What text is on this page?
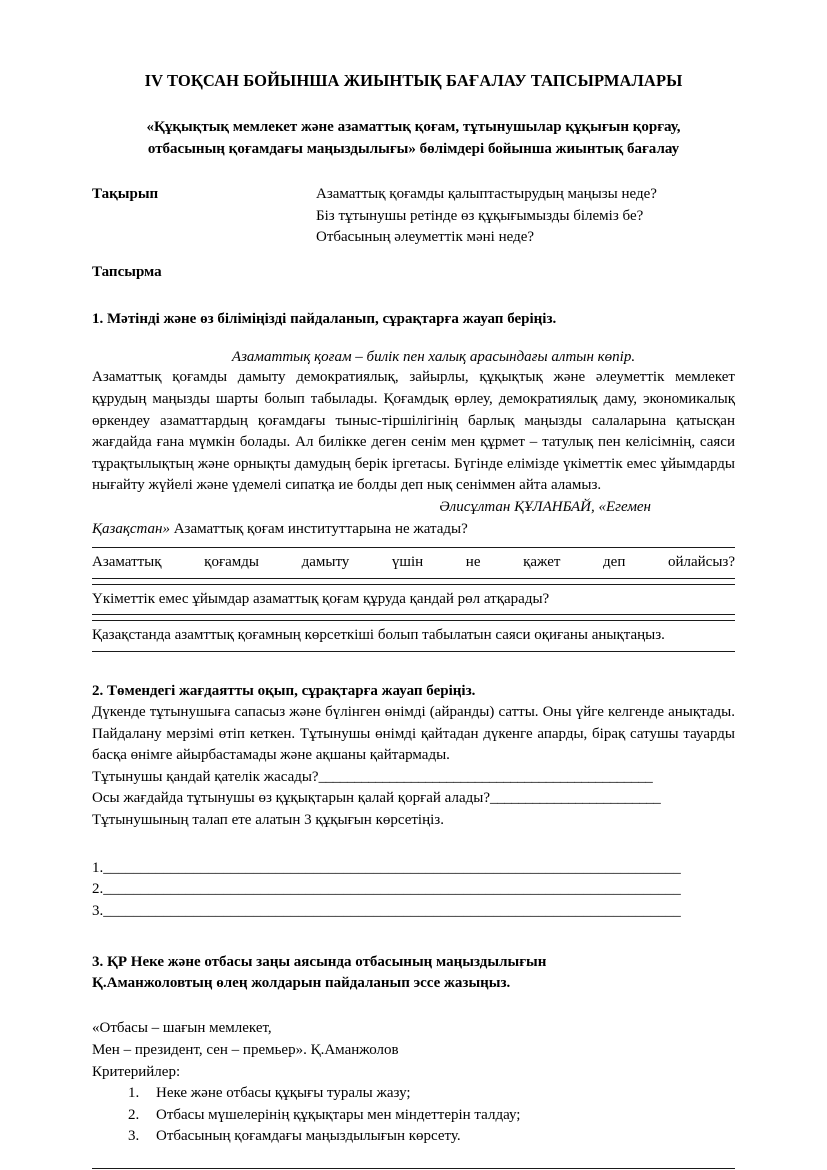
IV ТОҚСАН БОЙЫНША ЖИЫНТЫҚ БАҒАЛАУ ТАПСЫРМАЛАРЫ
«Құқықтық мемлекет және азаматтық қоғам, тұтынушылар құқығын қорғау, отбасының қоғамдағы маңыздылығы» бөлімдері бойынша жиынтық бағалау
Тақырып	Азаматтық қоғамды қалыптастырудың маңызы неде?
Біз тұтынушы ретінде өз құқығымызды білеміз бе?
Отбасының әлеуметтік мәні неде?
Тапсырма

1. Мәтінді және өз біліміңізді пайдаланып, сұрақтарға жауап беріңіз.

Азаматтық қоғам – билік пен халық арасындағы алтын көпір.

Азаматтық қоғамды дамыту демократиялық, зайырлы, құқықтық және әлеуметтік мемлекет құрудың маңызды шарты болып табылады. Қоғамдық өрлеу, демократиялық даму, экономикалық өркендеу азаматтардың қоғамдағы тыныс-тіршілігінің барлық маңызды салаларына қатысқан жағдайда ғана мүмкін болады. Ал билікке деген сенім мен құрмет – татулық пен келісімнің, саяси тұрақтылықтың және орнықты дамудың берік іргетасы. Бүгінде елімізде үкіметтік емес ұйымдарды нығайту жүйелі және үдемелі сипатқа ие болды деп нық сеніммен айта аламыз.

Әлисұлтан ҚҰЛАНБАЙ, «Егемен

Қазақстан» Азаматтық қоғам институттарына не жатады?

Азаматтық қоғамды дамыту үшін не қажет деп ойлайсыз?

Үкіметтік емес ұйымдар азаматтық қоғам құруда қандай рөл атқарады?

Қазақстанда азамттық қоғамның көрсеткіші болып табылатын саяси оқиғаны анықтаңыз.

2. Төмендегі жағдаятты оқып, сұрақтарға жауап беріңіз.

Дүкенде тұтынушыға сапасыз және бүлінген өнімді (айранды) сатты. Оны үйге келгенде анықтады. Пайдалану мерзімі өтіп кеткен. Тұтынушы өнімді қайтадан дүкенге апарды, бірақ сатушы тауарды басқа өнімге айырбастамады және ақшаны қайтармады.

Тұтынушы қандай қателік жасады?_______________________________________________

Осы жағдайда тұтынушы өз құқықтарын қалай қорғай алады?________________________

Тұтынушының талап ете алатын 3 құқығын көрсетіңіз.

1._____________________________________________________________________________

2._____________________________________________________________________________

3._____________________________________________________________________________

3. ҚР Неке және отбасы заңы аясында отбасының маңыздылығын

Қ.Аманжоловтың өлең жолдарын пайдаланып эссе жазыңыз.

«Отбасы – шағын мемлекет,

Мен – президент, сен – премьер». Қ.Аманжолов

Критерийлер:

1.	Неке және отбасы құқығы туралы жазу;
2.	Отбасы мүшелерінің құқықтары мен міндеттерін талдау;
3.	Отбасының қоғамдағы маңыздылығын көрсету.
